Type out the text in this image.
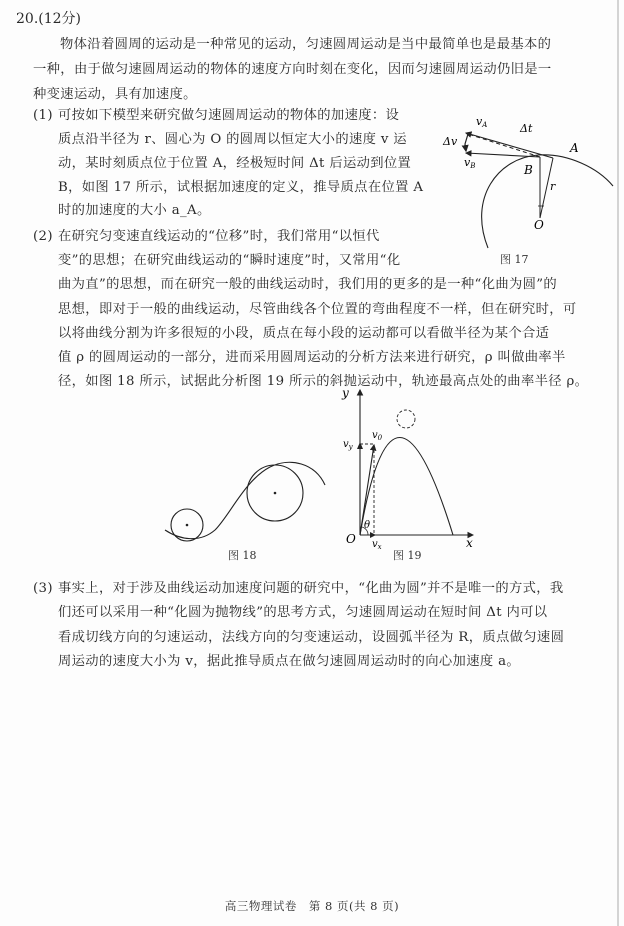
20.(12分)
物体沿着圆周的运动是一种常见的运动，匀速圆周运动是当中最简单也是最基本的
一种，由于做匀速圆周运动的物体的速度方向时刻在变化，因而匀速圆周运动仍旧是一
种变速运动，具有加速度。
(1) 可按如下模型来研究做匀速圆周运动的物体的加速度：设
质点沿半径为 r、圆心为 O 的圆周以恒定大小的速度 v 运
动，某时刻质点位于位置 A，经极短时间 Δt 后运动到位置
B，如图 17 所示，试根据加速度的定义，推导质点在位置 A
时的加速度的大小 a_A。
vA
Δv
vB
Δt
A
B
r
O
图 17
(2) 在研究匀变速直线运动的“位移”时，我们常用“以恒代
变”的思想；在研究曲线运动的“瞬时速度”时，又常用“化
曲为直”的思想，而在研究一般的曲线运动时，我们用的更多的是一种“化曲为圆”的
思想，即对于一般的曲线运动，尽管曲线各个位置的弯曲程度不一样，但在研究时，可
以将曲线分割为许多很短的小段，质点在每小段的运动都可以看做半径为某个合适
值 ρ 的圆周运动的一部分，进而采用圆周运动的分析方法来进行研究，ρ 叫做曲率半
径，如图 18 所示，试据此分析图 19 所示的斜抛运动中，轨迹最高点处的曲率半径 ρ。
图 18
y
x
O
$v_0$
$v_y$
$v_x$
θ
图 19
(3) 事实上，对于涉及曲线运动加速度问题的研究中，“化曲为圆”并不是唯一的方式，我
们还可以采用一种“化圆为抛物线”的思考方式，匀速圆周运动在短时间 Δt 内可以
看成切线方向的匀速运动，法线方向的匀变速运动，设圆弧半径为 R，质点做匀速圆
周运动的速度大小为 v，据此推导质点在做匀速圆周运动时的向心加速度 a。
高三物理试卷　第 8 页(共 8 页)
